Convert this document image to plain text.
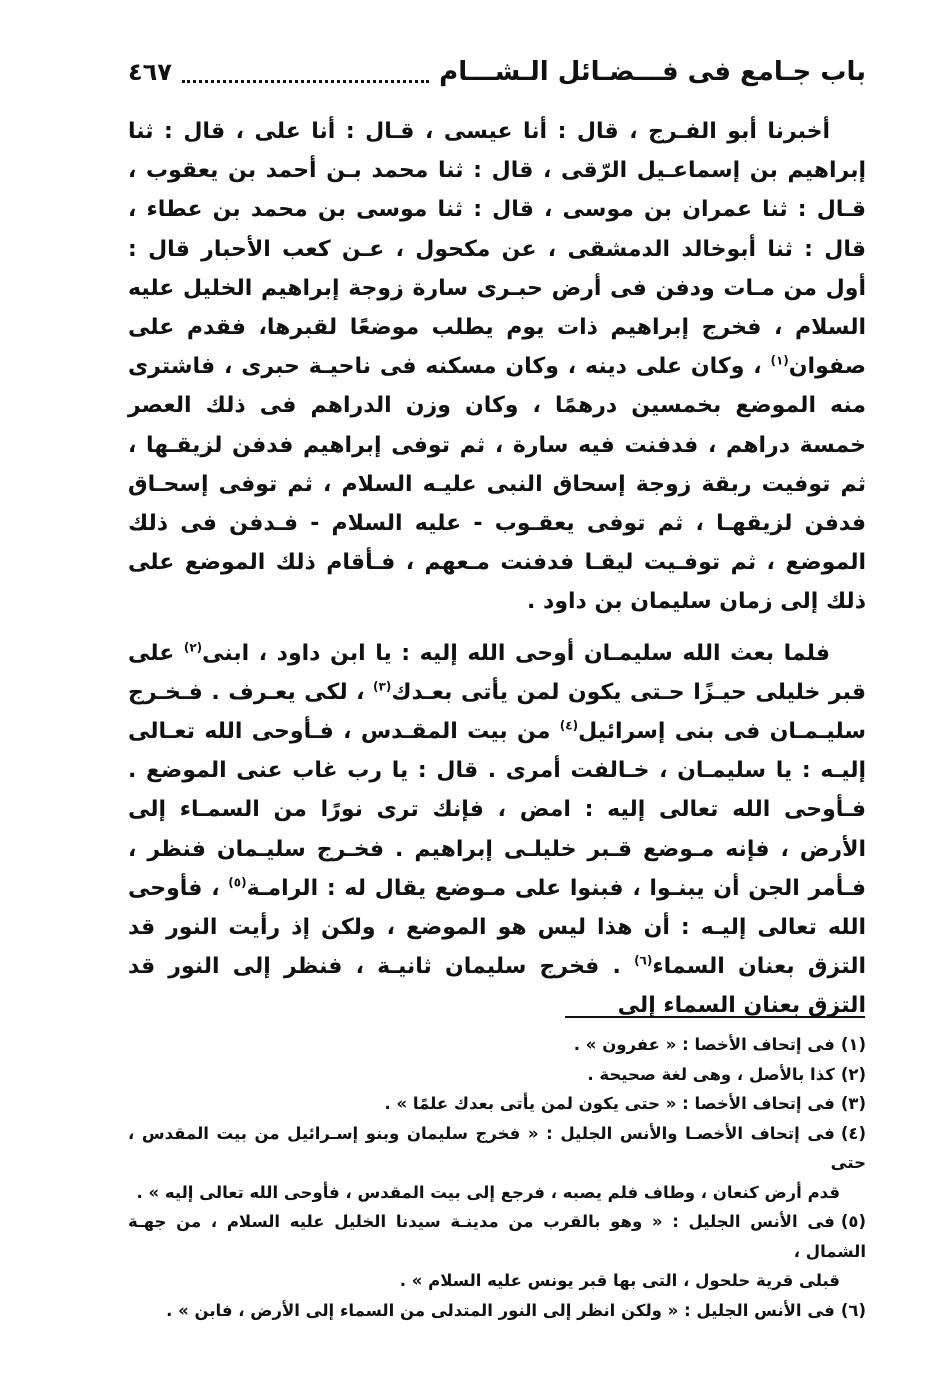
باب جـامع فى فـــضـائل الـشـــام
٤٦٧

أخبرنا أبو الفـرج ، قال : أنا عيسى ، قـال : أنا على ، قال : ثنا إبراهيم بن إسماعـيل الرّقى ، قال : ثنا محمد بـن أحمد بن يعقوب ، قـال : ثنا عمران بن موسى ، قال : ثنا موسى بن محمد بن عطاء ، قال : ثنا أبوخالد الدمشقى ، عن مكحول ، عـن كعب الأحبار قال : أول من مـات ودفن فى أرض حبـرى سارة زوجة إبراهيم الخليل عليه السلام ، فخرج إبراهيم ذات يوم يطلب موضعًا لقبرها، فقدم على صفوان$^{(١)}$ ، وكان على دينه ، وكان مسكنه فى ناحيـة حبرى ، فاشترى منه الموضع بخمسين درهمًا ، وكان وزن الدراهم فى ذلك العصر خمسة دراهم ، فدفنت فيه سارة ، ثم توفى إبراهيم فدفن لزيقـها ، ثم توفيت ربقة زوجة إسحاق النبى عليـه السلام ، ثم توفى إسحـاق فدفن لزيقهـا ، ثم توفى يعقـوب - عليه السلام - فـدفن فى ذلك الموضع ، ثم توفـيت ليقـا فدفنت مـعهم ، فـأقام ذلك الموضع على ذلك إلى زمان سليمان بن داود .

فلما بعث الله سليمـان أوحى الله إليه : يا ابن داود ، ابنى$^{(٢)}$ على قبر خليلى حيـزًا حـتى يكون لمن يأتى بعـدك$^{(٣)}$ ، لكى يعـرف . فـخـرج سليـمـان فى بنى إسرائيل$^{(٤)}$ من بيت المقـدس ، فـأوحى الله تعـالى إليـه : يا سليمـان ، خـالفت أمرى . قال : يا رب غاب عنى الموضع . فـأوحى الله تعالى إليه : امض ، فإنك ترى نورًا من السمـاء إلى الأرض ، فإنه مـوضع قـبر خليلـى إبراهيم . فخـرج سليـمان فنظر ، فـأمر الجن أن يبنـوا ، فبنوا على مـوضع يقال له : الرامـة$^{(٥)}$ ، فأوحى الله تعالى إليـه : أن هذا ليس هو الموضع ، ولكن إذ رأيت النور قد التزق بعنان السماء$^{(٦)}$ . فخرج سليمان ثانيـة ، فنظر إلى النور قد التزق بعنان السماء إلى

(١)فى إتحاف الأخصا : « عفرون » .

(٢)كذا بالأصل ، وهى لغة صحيحة .

(٣)فى إتحاف الأخصا : « حتى يكون لمن يأتى بعدك علمًا » .

(٤)فى إتحاف الأخصـا والأنس الجليل : « فخرج سليمان وبنو إسـرائيل من بيت المقدس ، حتى

قدم أرض كنعان ، وطاف فلم يصبه ، فرجع إلى بيت المقدس ، فأوحى الله تعالى إليه » .

(٥)فى الأنس الجليل : « وهو بالقرب من مدينـة سيدنا الخليل عليه السلام ، من جهـة الشمال ،

قبلى قرية حلحول ، التى بها قبر يونس عليه السلام » .

(٦)فى الأنس الجليل : « ولكن انظر إلى النور المتدلى من السماء إلى الأرض ، فابن » .
